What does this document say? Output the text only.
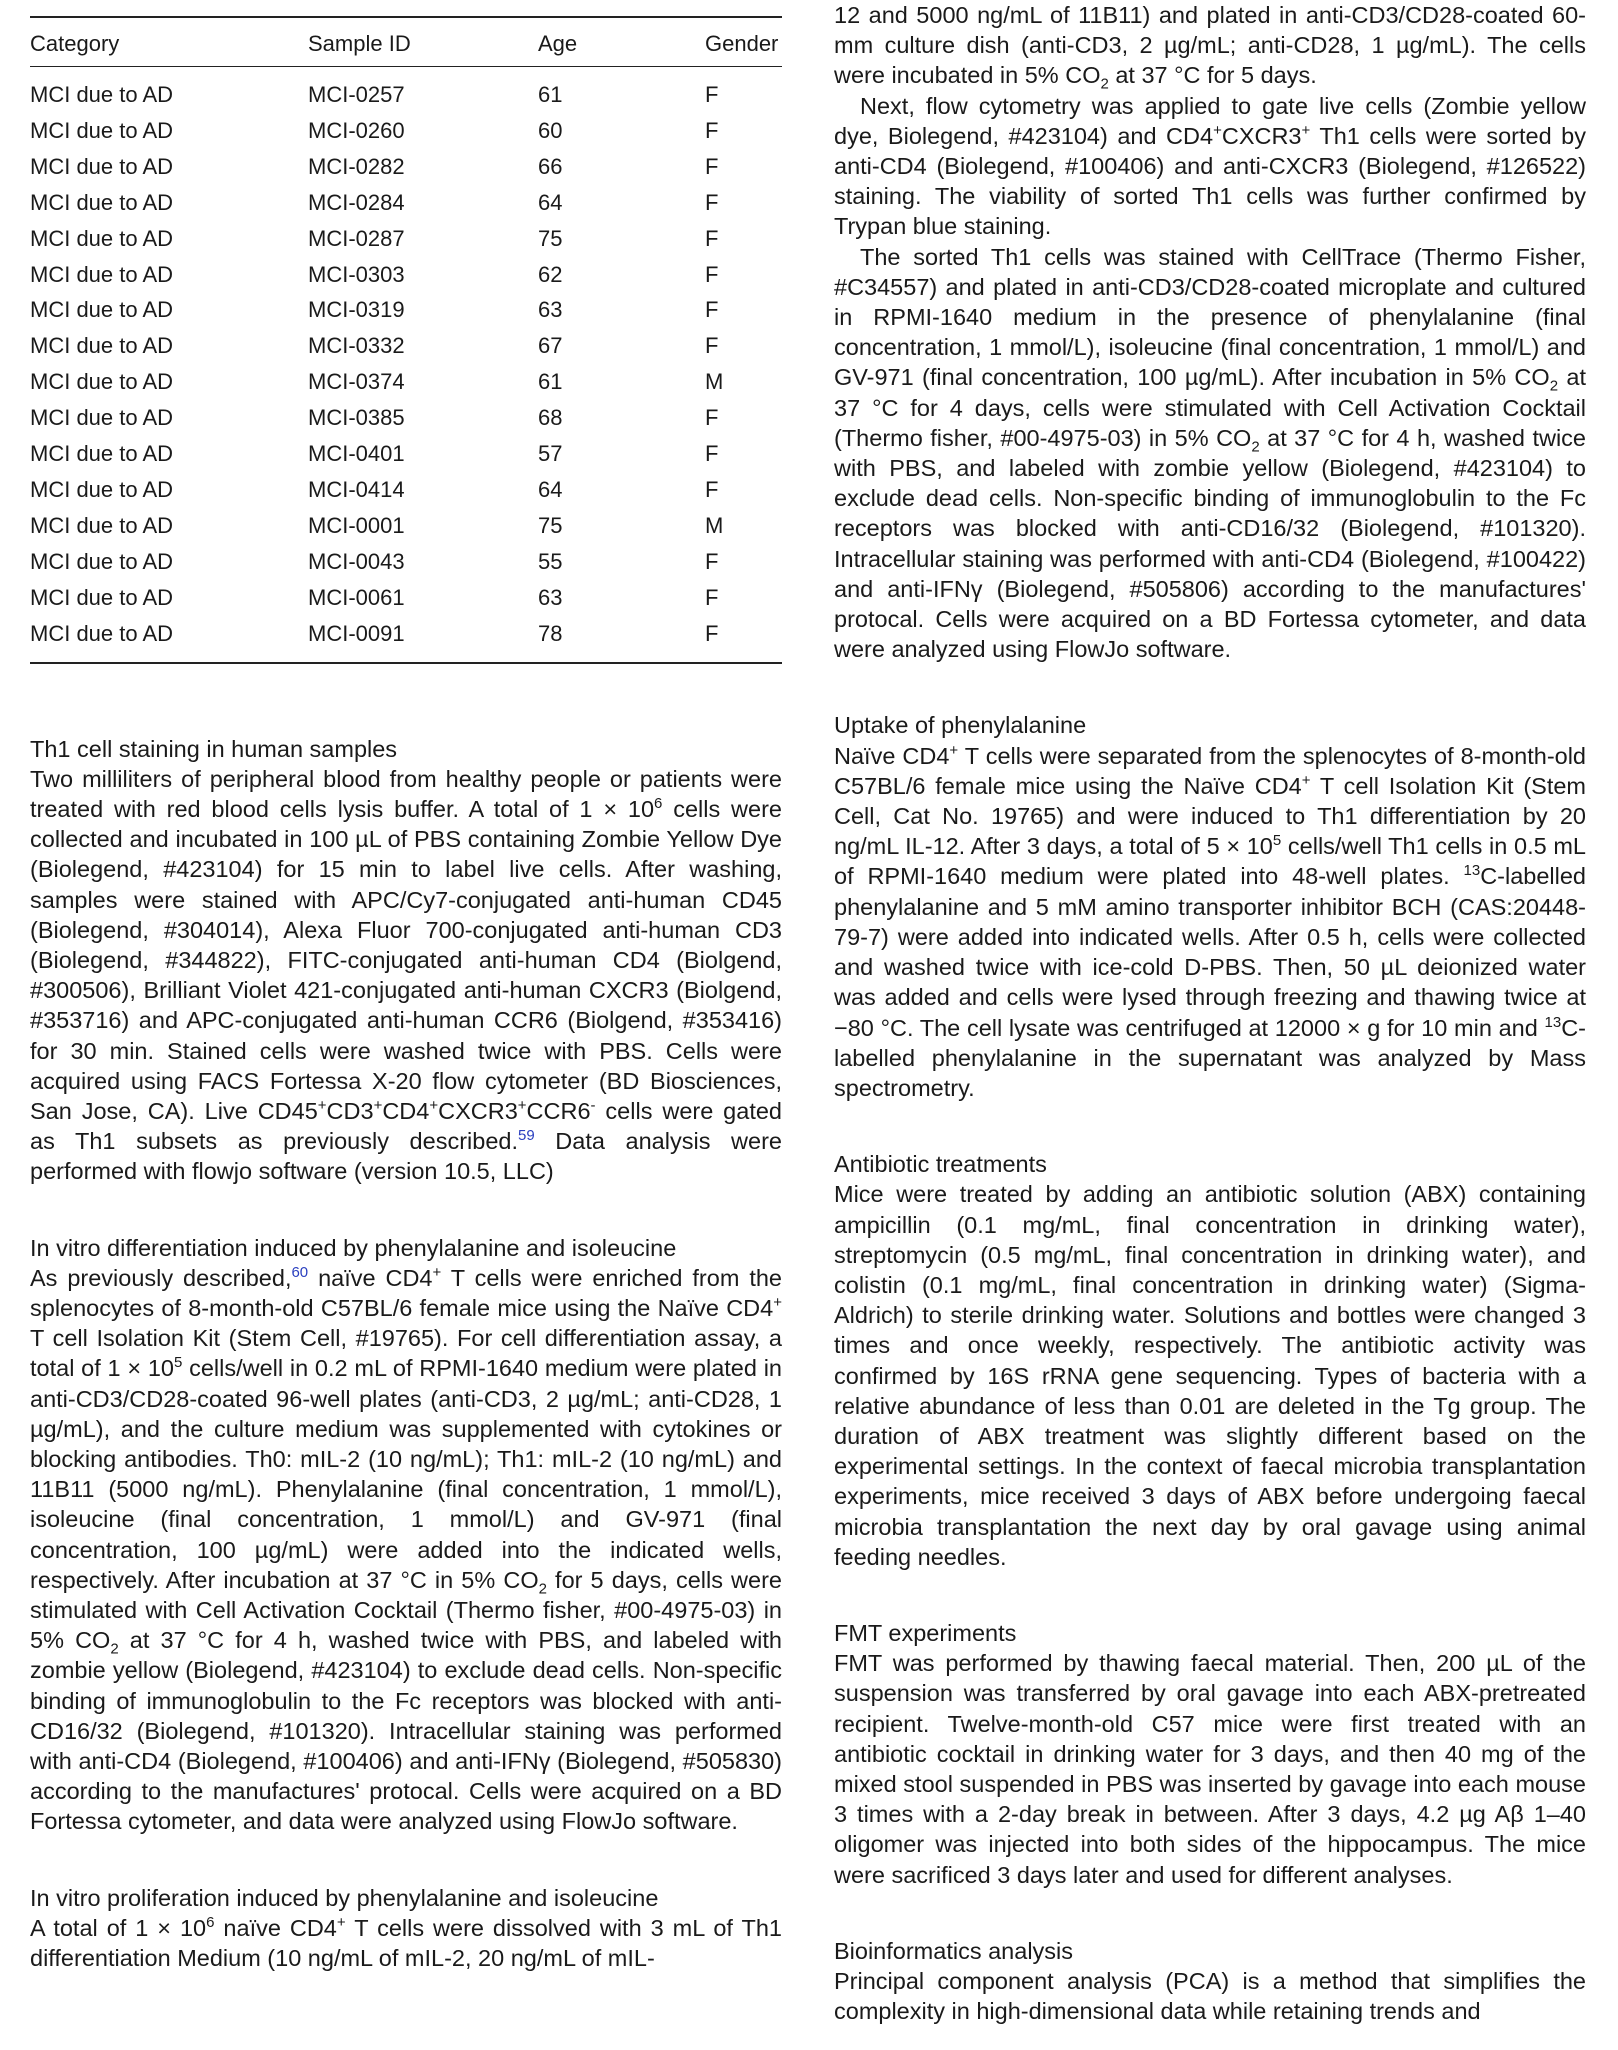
Category	Sample ID	Age	Gender
MCI due to AD	MCI-0257	61	F
MCI due to AD	MCI-0260	60	F
MCI due to AD	MCI-0282	66	F
MCI due to AD	MCI-0284	64	F
MCI due to AD	MCI-0287	75	F
MCI due to AD	MCI-0303	62	F
MCI due to AD	MCI-0319	63	F
MCI due to AD	MCI-0332	67	F
MCI due to AD	MCI-0374	61	M
MCI due to AD	MCI-0385	68	F
MCI due to AD	MCI-0401	57	F
MCI due to AD	MCI-0414	64	F
MCI due to AD	MCI-0001	75	M
MCI due to AD	MCI-0043	55	F
MCI due to AD	MCI-0061	63	F
MCI due to AD	MCI-0091	78	F
Th1 cell staining in human samples

Two milliliters of peripheral blood from healthy people or patients were treated with red blood cells lysis buffer. A total of $1 \times 10^6$ cells were collected and incubated in 100 µL of PBS containing Zombie Yellow Dye (Biolegend, #423104) for 15 min to label live cells. After washing, samples were stained with APC/Cy7-conjugated anti-human CD45 (Biolegend, #304014), Alexa Fluor 700-conjugated anti-human CD3 (Biolegend, #344822), FITC-conjugated anti-human CD4 (Biolgend, #300506), Brilliant Violet 421-conjugated anti-human CXCR3 (Biolgend, #353716) and APC-conjugated anti-human CCR6 (Biolgend, #353416) for 30 min. Stained cells were washed twice with PBS. Cells were acquired using FACS Fortessa X-20 flow cytometer (BD Biosciences, San Jose, CA). Live CD45+CD3+CD4+CXCR3+CCR6- cells were gated as Th1 subsets as previously described.$^{59}$ Data analysis were performed with flowjo software (version 10.5, LLC)

In vitro differentiation induced by phenylalanine and isoleucine

As previously described,$^{60}$ naïve CD4+ T cells were enriched from the splenocytes of 8-month-old C57BL/6 female mice using the Naïve CD4+ T cell Isolation Kit (Stem Cell, #19765). For cell differentiation assay, a total of $1 \times 10^5$ cells/well in 0.2 mL of RPMI-1640 medium were plated in anti-CD3/CD28-coated 96-well plates (anti-CD3, 2 µg/mL; anti-CD28, 1 µg/mL), and the culture medium was supplemented with cytokines or blocking antibodies. Th0: mIL-2 (10 ng/mL); Th1: mIL-2 (10 ng/mL) and 11B11 (5000 ng/mL). Phenylalanine (final concentration, 1 mmol/L), isoleucine (final concentration, 1 mmol/L) and GV-971 (final concentration, 100 µg/mL) were added into the indicated wells, respectively. After incubation at 37 °C in 5% $CO_2$ for 5 days, cells were stimulated with Cell Activation Cocktail (Thermo fisher, #00-4975-03) in 5% $CO_2$ at 37 °C for 4 h, washed twice with PBS, and labeled with zombie yellow (Biolegend, #423104) to exclude dead cells. Non-specific binding of immunoglobulin to the Fc receptors was blocked with anti-CD16/32 (Biolegend, #101320). Intracellular staining was performed with anti-CD4 (Biolegend, #100406) and anti-IFNγ (Biolegend, #505830) according to the manufactures' protocal. Cells were acquired on a BD Fortessa cytometer, and data were analyzed using FlowJo software.

In vitro proliferation induced by phenylalanine and isoleucine

A total of $1 \times 10^6$ naïve CD4+ T cells were dissolved with 3 mL of Th1 differentiation Medium (10 ng/mL of mIL-2, 20 ng/mL of mIL-

12 and 5000 ng/mL of 11B11) and plated in anti-CD3/CD28-coated 60-mm culture dish (anti-CD3, 2 µg/mL; anti-CD28, 1 µg/mL). The cells were incubated in 5% $CO_2$ at 37 °C for 5 days.

Next, flow cytometry was applied to gate live cells (Zombie yellow dye, Biolegend, #423104) and CD4+CXCR3+ Th1 cells were sorted by anti-CD4 (Biolegend, #100406) and anti-CXCR3 (Biolegend, #126522) staining. The viability of sorted Th1 cells was further confirmed by Trypan blue staining.

The sorted Th1 cells was stained with CellTrace (Thermo Fisher, #C34557) and plated in anti-CD3/CD28-coated microplate and cultured in RPMI-1640 medium in the presence of phenylalanine (final concentration, 1 mmol/L), isoleucine (final concentration, 1 mmol/L) and GV-971 (final concentration, 100 µg/mL). After incubation in 5% $CO_2$ at 37 °C for 4 days, cells were stimulated with Cell Activation Cocktail (Thermo fisher, #00-4975-03) in 5% $CO_2$ at 37 °C for 4 h, washed twice with PBS, and labeled with zombie yellow (Biolegend, #423104) to exclude dead cells. Non-specific binding of immunoglobulin to the Fc receptors was blocked with anti-CD16/32 (Biolegend, #101320). Intracellular staining was performed with anti-CD4 (Biolegend, #100422) and anti-IFNγ (Biolegend, #505806) according to the manufactures' protocal. Cells were acquired on a BD Fortessa cytometer, and data were analyzed using FlowJo software.

Uptake of phenylalanine

Naïve CD4+ T cells were separated from the splenocytes of 8-month-old C57BL/6 female mice using the Naïve CD4+ T cell Isolation Kit (Stem Cell, Cat No. 19765) and were induced to Th1 differentiation by 20 ng/mL IL-12. After 3 days, a total of $5 \times 10^5$ cells/well Th1 cells in 0.5 mL of RPMI-1640 medium were plated into 48-well plates. $^{13}$C-labelled phenylalanine and 5 mM amino transporter inhibitor BCH (CAS:20448-79-7) were added into indicated wells. After 0.5 h, cells were collected and washed twice with ice-cold D-PBS. Then, 50 µL deionized water was added and cells were lysed through freezing and thawing twice at −80 °C. The cell lysate was centrifuged at 12000 × g for 10 min and $^{13}$C-labelled phenylalanine in the supernatant was analyzed by Mass spectrometry.

Antibiotic treatments

Mice were treated by adding an antibiotic solution (ABX) containing ampicillin (0.1 mg/mL, final concentration in drinking water), streptomycin (0.5 mg/mL, final concentration in drinking water), and colistin (0.1 mg/mL, final concentration in drinking water) (Sigma-Aldrich) to sterile drinking water. Solutions and bottles were changed 3 times and once weekly, respectively. The antibiotic activity was confirmed by 16S rRNA gene sequencing. Types of bacteria with a relative abundance of less than 0.01 are deleted in the Tg group. The duration of ABX treatment was slightly different based on the experimental settings. In the context of faecal microbia transplantation experiments, mice received 3 days of ABX before undergoing faecal microbia transplantation the next day by oral gavage using animal feeding needles.

FMT experiments

FMT was performed by thawing faecal material. Then, 200 µL of the suspension was transferred by oral gavage into each ABX-pretreated recipient. Twelve-month-old C57 mice were first treated with an antibiotic cocktail in drinking water for 3 days, and then 40 mg of the mixed stool suspended in PBS was inserted by gavage into each mouse 3 times with a 2-day break in between. After 3 days, 4.2 µg Aβ 1–40 oligomer was injected into both sides of the hippocampus. The mice were sacrificed 3 days later and used for different analyses.

Bioinformatics analysis

Principal component analysis (PCA) is a method that simplifies the complexity in high-dimensional data while retaining trends and
